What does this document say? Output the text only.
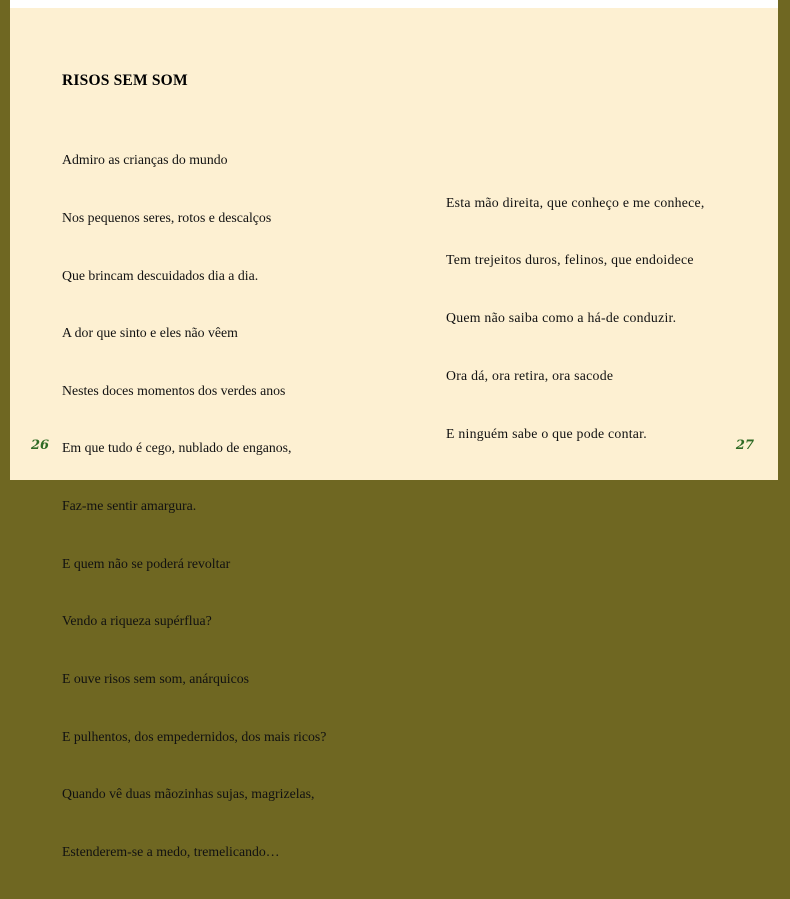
RISOS SEM SOM

Admiro as crianças do mundo

Nos pequenos seres, rotos e descalços

Que brincam descuidados dia a dia.

A dor que sinto e eles não vêem

Nestes doces momentos dos verdes anos

Em que tudo é cego, nublado de enganos,

Faz-me sentir amargura.

E quem não se poderá revoltar

Vendo a riqueza supérflua?

E ouve risos sem som, anárquicos

E pulhentos, dos empedernidos, dos mais ricos?

Quando vê duas mãozinhas sujas, magrizelas,

Estenderem-se a medo, tremelicando…

Esta mão direita, que conheço e me conhece,

Tem trejeitos duros, felinos, que endoidece

Quem não saiba como a há-de conduzir.

Ora dá, ora retira, ora sacode

E ninguém sabe o que pode contar.

26	27
